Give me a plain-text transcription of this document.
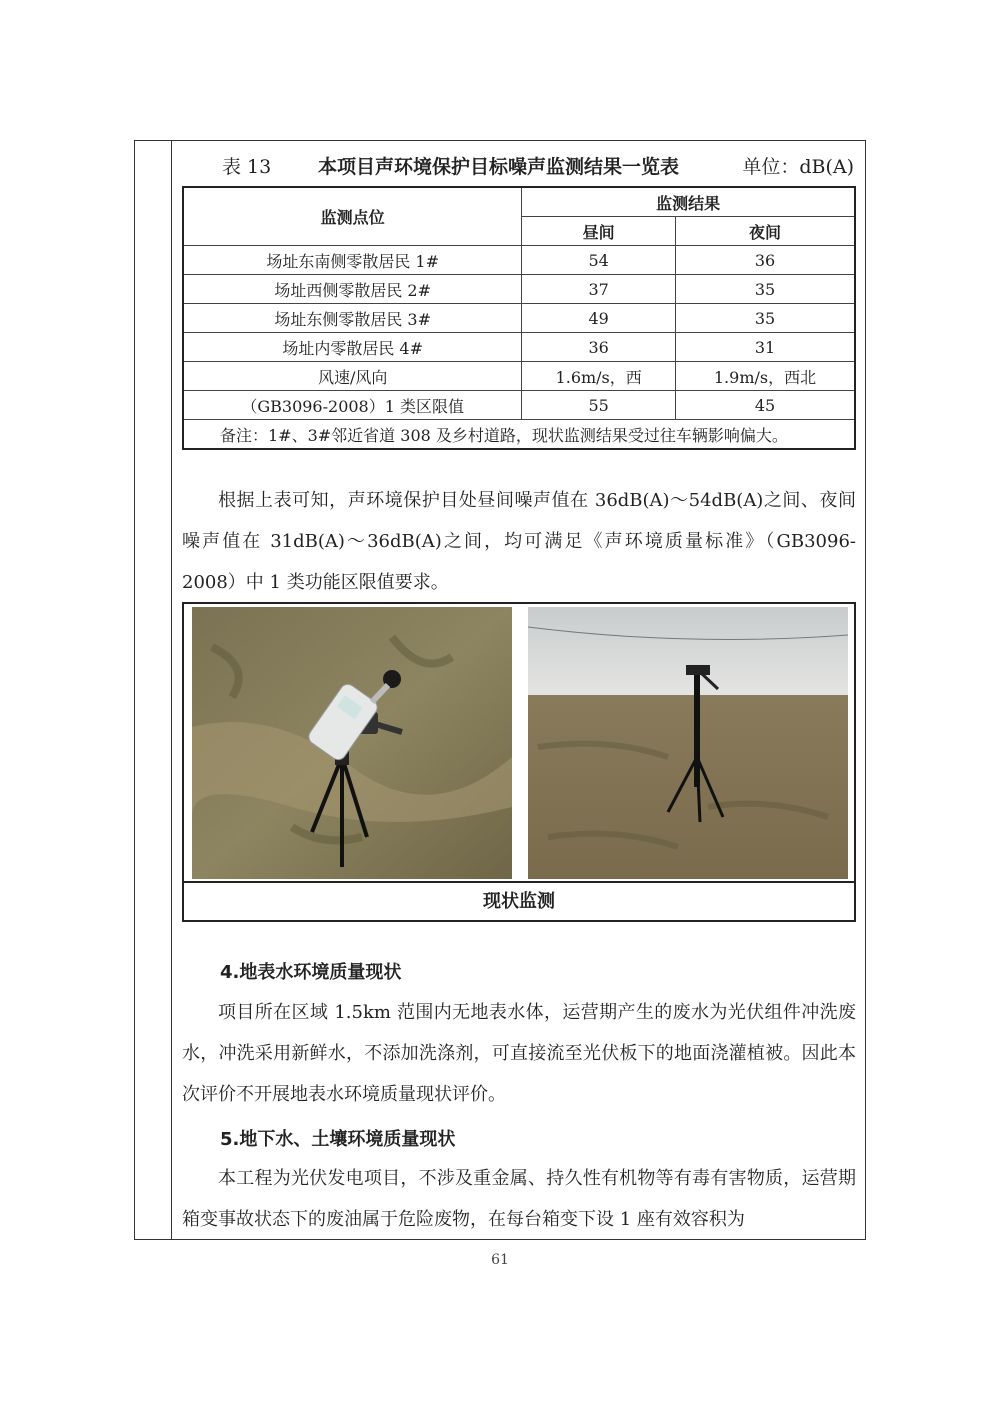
表 13 本项目声环境保护目标噪声监测结果一览表	单位：dB(A)
监测点位	监测结果	
	昼间	夜间
场址东南侧零散居民 1#	54	36
场址西侧零散居民 2#	37	35
场址东侧零散居民 3#	49	35
场址内零散居民 4#	36	31
风速/风向	1.6m/s，西	1.9m/s，西北
（GB3096-2008）1 类区限值	55	45
备注：1#、3#邻近省道 308 及乡村道路，现状监测结果受过往车辆影响偏大。		

根据上表可知，声环境保护目处昼间噪声值在 36dB(A)～54dB(A)之间、夜间噪声值在 31dB(A)～36dB(A)之间，均可满足《声环境质量标准》（GB3096-2008）中 1 类功能区限值要求。

现状监测
4.地表水环境质量现状

项目所在区域 1.5km 范围内无地表水体，运营期产生的废水为光伏组件冲洗废水，冲洗采用新鲜水，不添加洗涤剂，可直接流至光伏板下的地面浇灌植被。因此本次评价不开展地表水环境质量现状评价。

5.地下水、土壤环境质量现状

本工程为光伏发电项目，不涉及重金属、持久性有机物等有毒有害物质，运营期箱变事故状态下的废油属于危险废物，在每台箱变下设 1 座有效容积为

61
